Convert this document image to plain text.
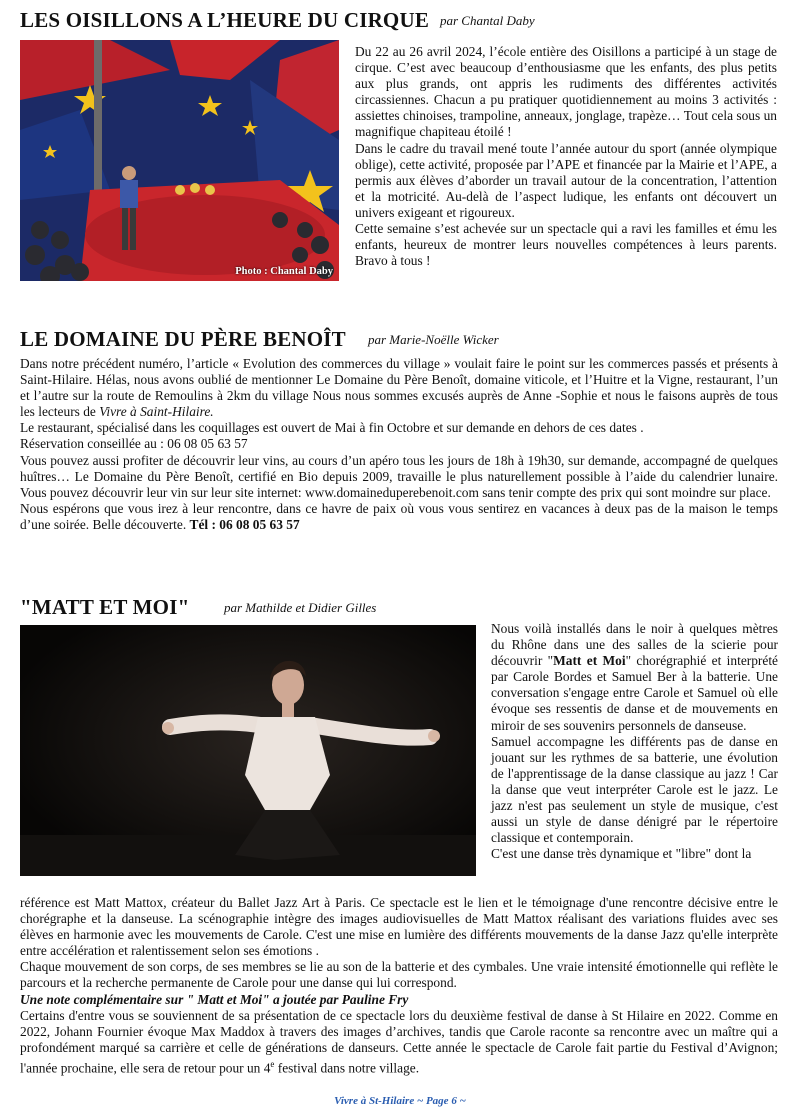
LES OISILLONS A L’HEURE DU CIRQUE par Chantal Daby
Photo : Chantal Daby

Du 22 au 26 avril 2024, l’école entière des Oisillons a participé à un stage de cirque. C’est avec beaucoup d’enthousiasme que les enfants, des plus petits aux plus grands, ont appris les rudiments des différentes activités circassiennes. Chacun a pu pratiquer quotidiennement au moins 3 activités : assiettes chinoises, trampoline, anneaux, jonglage, trapèze… Tout cela sous un magnifique chapiteau étoilé !

Dans le cadre du travail mené toute l’année autour du sport (année olympique oblige), cette activité, proposée par l’APE et financée par la Mairie et l’APE, a permis aux élèves d’aborder un travail autour de la concentration, l’attention et la motricité. Au-delà de l’aspect ludique, les enfants ont découvert un univers exigeant et rigoureux.

Cette semaine s’est achevée sur un spectacle qui a ravi les familles et ému les enfants, heureux de montrer leurs nouvelles compétences à leurs parents. Bravo à tous !

LE DOMAINE DU PÈRE BENOÎT par Marie-Noëlle Wicker

Dans notre précédent numéro, l’article « Evolution des commerces du village » voulait faire le point sur les commerces passés et présents à Saint-Hilaire. Hélas, nous avons oublié de mentionner Le Domaine du Père Benoît, domaine viticole, et l’Huitre et la Vigne, restaurant, l’un et l’autre sur la route de Remoulins à 2km du village Nous nous sommes excusés auprès de Anne -Sophie et nous le faisons auprès de tous les lecteurs de Vivre à Saint-Hilaire.

Le restaurant, spécialisé dans les coquillages est ouvert de Mai à fin Octobre et sur demande en dehors de ces dates .

Réservation conseillée au : 06 08 05 63 57

Vous pouvez aussi profiter de découvrir leur vins, au cours d’un apéro tous les jours de 18h à 19h30, sur demande, accompagné de quelques huîtres… Le Domaine du Père Benoît, certifié en Bio depuis 2009, travaille le plus naturellement possible à l’aide du calendrier lunaire. Vous pouvez découvrir leur vin sur leur site internet: www.domaineduperebenoit.com sans tenir compte des prix qui sont moindre sur place.

Nous espérons que vous irez à leur rencontre, dans ce havre de paix où vous vous sentirez en vacances à deux pas de la maison le temps d’une soirée. Belle découverte. Tél : 06 08 05 63 57

"MATT ET MOI"	par Mathilde et Didier Gilles

Nous voilà installés dans le noir à quelques mètres du Rhône dans une des salles de la scierie pour découvrir "Matt et Moi" chorégraphié et interprété par Carole Bordes et Samuel Ber à la batterie. Une conversation s'engage entre Carole et Samuel où elle évoque ses ressentis de danse et de mouvements en miroir de ses souvenirs personnels de danseuse.

Samuel accompagne les différents pas de danse en jouant sur les rythmes de sa batterie, une évolution de l'apprentissage de la danse classique au jazz ! Car la danse que veut interpréter Carole est le jazz. Le jazz n'est pas seulement un style de musique, c'est aussi un style de danse dénigré par le répertoire classique et contemporain.

C'est une danse très dynamique et "libre" dont la

référence est Matt Mattox, créateur du Ballet Jazz Art à Paris. Ce spectacle est le lien et le témoignage d'une rencontre décisive entre le chorégraphe et la danseuse. La scénographie intègre des images audiovisuelles de Matt Mattox réalisant des variations fluides avec ses élèves en harmonie avec les mouvements de Carole. C'est une mise en lumière des différents mouvements de la danse Jazz qu'elle interprète entre accélération et ralentissement selon ses émotions .

Chaque mouvement de son corps, de ses membres se lie au son de la batterie et des cymbales. Une vraie intensité émotionnelle qui reflète le parcours et la recherche permanente de Carole pour une danse qui lui correspond.

Une note complémentaire sur " Matt et Moi" a joutée par Pauline Fry

Certains d'entre vous se souviennent de sa présentation de ce spectacle lors du deuxième festival de danse à St Hilaire en 2022. Comme en 2022, Johann Fournier évoque Max Maddox à travers des images d’archives, tandis que Carole raconte sa rencontre avec un maître qui a profondément marqué sa carrière et celle de générations de danseurs. Cette année le spectacle de Carole fait partie du Festival d’Avignon; l'année prochaine, elle sera de retour pour un 4e festival dans notre village.

Vivre à St-Hilaire ~ Page 6 ~
